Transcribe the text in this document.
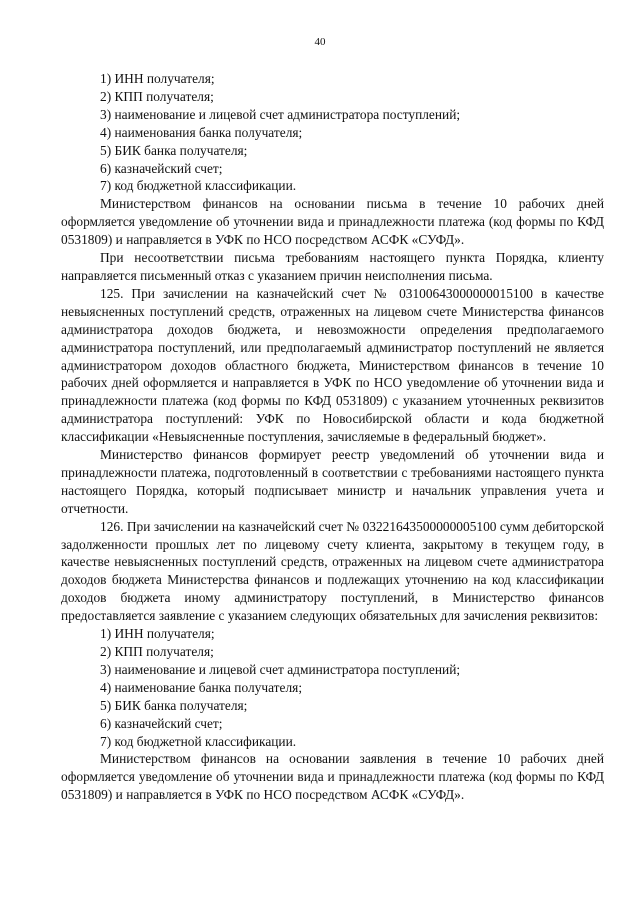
40

1) ИНН получателя;

2) КПП получателя;

3) наименование и лицевой счет администратора поступлений;

4) наименования банка получателя;

5) БИК банка получателя;

6) казначейский счет;

7) код бюджетной классификации.

Министерством финансов на основании письма в течение 10 рабочих дней оформляется уведомление об уточнении вида и принадлежности платежа (код формы по КФД 0531809) и направляется в УФК по НСО посредством АСФК «СУФД».

При несоответствии письма требованиям настоящего пункта Порядка, клиенту направляется письменный отказ с указанием причин неисполнения письма.

125. При зачислении на казначейский счет № 03100643000000015100 в качестве невыясненных поступлений средств, отраженных на лицевом счете Министерства финансов администратора доходов бюджета, и невозможности определения предполагаемого администратора поступлений, или предполагаемый администратор поступлений не является администратором доходов областного бюджета, Министерством финансов в течение 10 рабочих дней оформляется и направляется в УФК по НСО уведомление об уточнении вида и принадлежности платежа (код формы по КФД 0531809) с указанием уточненных реквизитов администратора поступлений: УФК по Новосибирской области и кода бюджетной классификации «Невыясненные поступления, зачисляемые в федеральный бюджет».

Министерство финансов формирует реестр уведомлений об уточнении вида и принадлежности платежа, подготовленный в соответствии с требованиями настоящего пункта настоящего Порядка, который подписывает министр и начальник управления учета и отчетности.

126. При зачислении на казначейский счет № 03221643500000005100 сумм дебиторской задолженности прошлых лет по лицевому счету клиента, закрытому в текущем году, в качестве невыясненных поступлений средств, отраженных на лицевом счете администратора доходов бюджета Министерства финансов и подлежащих уточнению на код классификации доходов бюджета иному администратору поступлений, в Министерство финансов предоставляется заявление с указанием следующих обязательных для зачисления реквизитов:

1) ИНН получателя;

2) КПП получателя;

3) наименование и лицевой счет администратора поступлений;

4) наименование банка получателя;

5) БИК банка получателя;

6) казначейский счет;

7) код бюджетной классификации.

Министерством финансов на основании заявления в течение 10 рабочих дней оформляется уведомление об уточнении вида и принадлежности платежа (код формы по КФД 0531809) и направляется в УФК по НСО посредством АСФК «СУФД».
